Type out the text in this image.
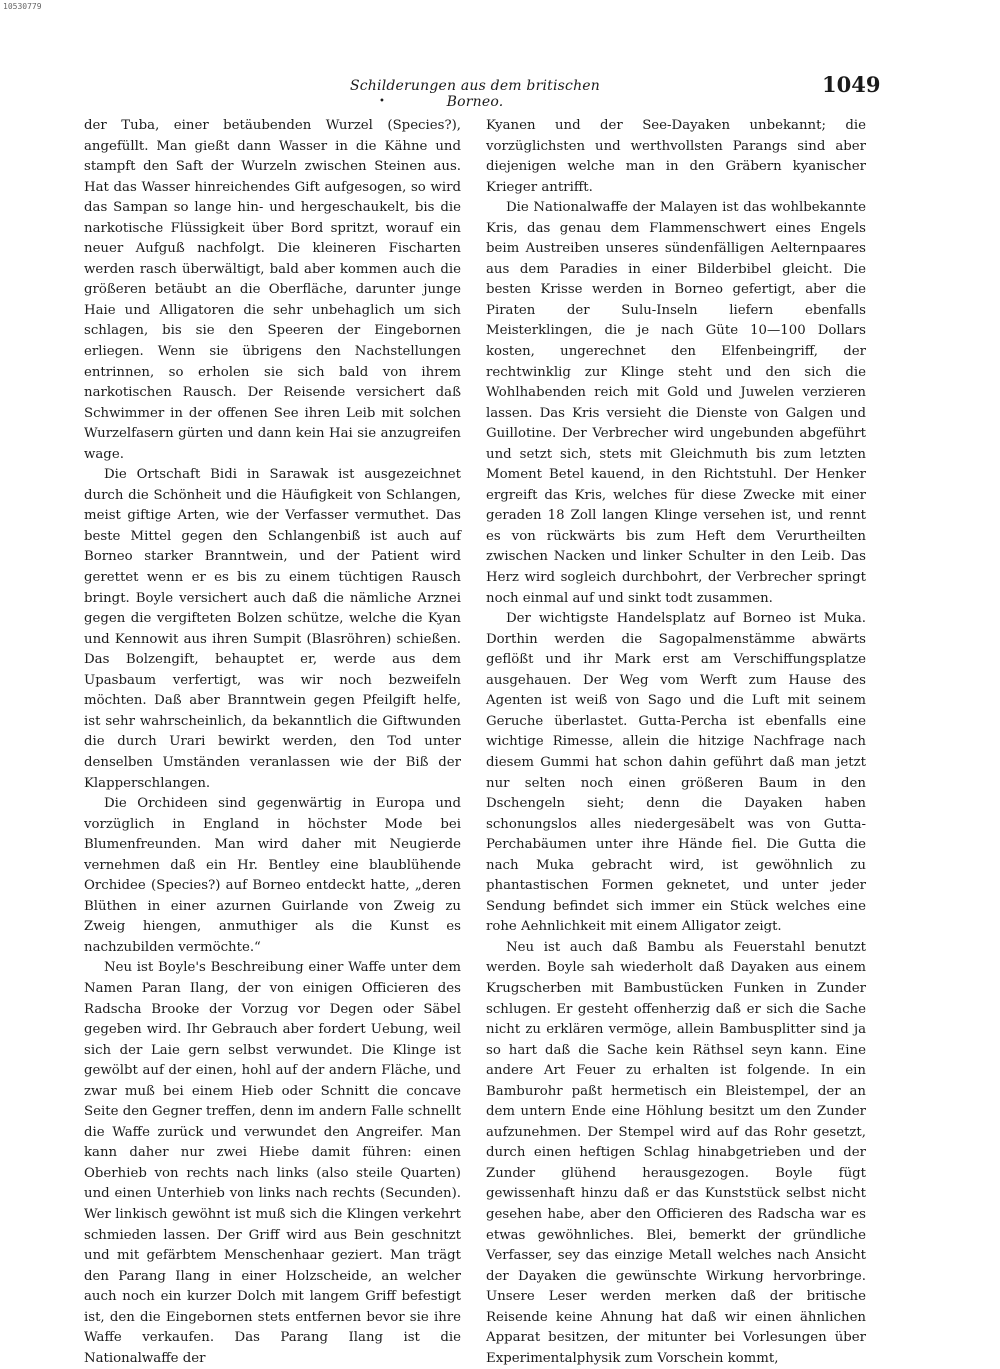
10530779
Schilderungen aus dem britischen Borneo.
1049
•

der Tuba, einer betäubenden Wurzel (Species?), angefüllt. Man gießt dann Wasser in die Kähne und stampft den Saft der Wurzeln zwischen Steinen aus. Hat das Wasser hinreichendes Gift aufgesogen, so wird das Sampan so lange hin- und hergeschaukelt, bis die narkotische Flüssigkeit über Bord spritzt, worauf ein neuer Aufguß nachfolgt. Die kleineren Fischarten werden rasch überwältigt, bald aber kommen auch die größeren betäubt an die Oberfläche, darunter junge Haie und Alligatoren die sehr unbehaglich um sich schlagen, bis sie den Speeren der Eingebornen erliegen. Wenn sie übrigens den Nachstellungen entrinnen, so erholen sie sich bald von ihrem narkotischen Rausch. Der Reisende versichert daß Schwimmer in der offenen See ihren Leib mit solchen Wurzelfasern gürten und dann kein Hai sie anzugreifen wage.

Die Ortschaft Bidi in Sarawak ist ausgezeichnet durch die Schönheit und die Häufigkeit von Schlangen, meist giftige Arten, wie der Verfasser vermuthet. Das beste Mittel gegen den Schlangenbiß ist auch auf Borneo starker Branntwein, und der Patient wird gerettet wenn er es bis zu einem tüchtigen Rausch bringt. Boyle versichert auch daß die nämliche Arznei gegen die vergifteten Bolzen schütze, welche die Kyan und Kennowit aus ihren Sumpit (Blasröhren) schießen. Das Bolzengift, behauptet er, werde aus dem Upasbaum verfertigt, was wir noch bezweifeln möchten. Daß aber Branntwein gegen Pfeilgift helfe, ist sehr wahrscheinlich, da bekanntlich die Giftwunden die durch Urari bewirkt werden, den Tod unter denselben Umständen veranlassen wie der Biß der Klapperschlangen.

Die Orchideen sind gegenwärtig in Europa und vorzüglich in England in höchster Mode bei Blumenfreunden. Man wird daher mit Neugierde vernehmen daß ein Hr. Bentley eine blaublühende Orchidee (Species?) auf Borneo entdeckt hatte, „deren Blüthen in einer azurnen Guirlande von Zweig zu Zweig hiengen, anmuthiger als die Kunst es nachzubilden vermöchte.“

Neu ist Boyle's Beschreibung einer Waffe unter dem Namen Paran Ilang, der von einigen Officieren des Radscha Brooke der Vorzug vor Degen oder Säbel gegeben wird. Ihr Gebrauch aber fordert Uebung, weil sich der Laie gern selbst verwundet. Die Klinge ist gewölbt auf der einen, hohl auf der andern Fläche, und zwar muß bei einem Hieb oder Schnitt die concave Seite den Gegner treffen, denn im andern Falle schnellt die Waffe zurück und verwundet den Angreifer. Man kann daher nur zwei Hiebe damit führen: einen Oberhieb von rechts nach links (also steile Quarten) und einen Unterhieb von links nach rechts (Secunden). Wer linkisch gewöhnt ist muß sich die Klingen verkehrt schmieden lassen. Der Griff wird aus Bein geschnitzt und mit gefärbtem Menschenhaar geziert. Man trägt den Parang Ilang in einer Holzscheide, an welcher auch noch ein kurzer Dolch mit langem Griff befestigt ist, den die Eingebornen stets entfernen bevor sie ihre Waffe verkaufen. Das Parang Ilang ist die Nationalwaffe der

Kyanen und der See-Dayaken unbekannt; die vorzüglichsten und werthvollsten Parangs sind aber diejenigen welche man in den Gräbern kyanischer Krieger antrifft.

Die Nationalwaffe der Malayen ist das wohlbekannte Kris, das genau dem Flammenschwert eines Engels beim Austreiben unseres sündenfälligen Aelternpaares aus dem Paradies in einer Bilderbibel gleicht. Die besten Krisse werden in Borneo gefertigt, aber die Piraten der Sulu-Inseln liefern ebenfalls Meisterklingen, die je nach Güte 10—100 Dollars kosten, ungerechnet den Elfenbeingriff, der rechtwinklig zur Klinge steht und den sich die Wohlhabenden reich mit Gold und Juwelen verzieren lassen. Das Kris versieht die Dienste von Galgen und Guillotine. Der Verbrecher wird ungebunden abgeführt und setzt sich, stets mit Gleichmuth bis zum letzten Moment Betel kauend, in den Richtstuhl. Der Henker ergreift das Kris, welches für diese Zwecke mit einer geraden 18 Zoll langen Klinge versehen ist, und rennt es von rückwärts bis zum Heft dem Verurtheilten zwischen Nacken und linker Schulter in den Leib. Das Herz wird sogleich durchbohrt, der Verbrecher springt noch einmal auf und sinkt todt zusammen.

Der wichtigste Handelsplatz auf Borneo ist Muka. Dorthin werden die Sagopalmenstämme abwärts geflößt und ihr Mark erst am Verschiffungsplatze ausgehauen. Der Weg vom Werft zum Hause des Agenten ist weiß von Sago und die Luft mit seinem Geruche überlastet. Gutta-Percha ist ebenfalls eine wichtige Rimesse, allein die hitzige Nachfrage nach diesem Gummi hat schon dahin geführt daß man jetzt nur selten noch einen größeren Baum in den Dschengeln sieht; denn die Dayaken haben schonungslos alles niedergesäbelt was von Gutta-Perchabäumen unter ihre Hände fiel. Die Gutta die nach Muka gebracht wird, ist gewöhnlich zu phantastischen Formen geknetet, und unter jeder Sendung befindet sich immer ein Stück welches eine rohe Aehnlichkeit mit einem Alligator zeigt.

Neu ist auch daß Bambu als Feuerstahl benutzt werden. Boyle sah wiederholt daß Dayaken aus einem Krugscherben mit Bambustücken Funken in Zunder schlugen. Er gesteht offenherzig daß er sich die Sache nicht zu erklären vermöge, allein Bambusplitter sind ja so hart daß die Sache kein Räthsel seyn kann. Eine andere Art Feuer zu erhalten ist folgende. In ein Bamburohr paßt hermetisch ein Bleistempel, der an dem untern Ende eine Höhlung besitzt um den Zunder aufzunehmen. Der Stempel wird auf das Rohr gesetzt, durch einen heftigen Schlag hinabgetrieben und der Zunder glühend herausgezogen. Boyle fügt gewissenhaft hinzu daß er das Kunststück selbst nicht gesehen habe, aber den Officieren des Radscha war es etwas gewöhnliches. Blei, bemerkt der gründliche Verfasser, sey das einzige Metall welches nach Ansicht der Dayaken die gewünschte Wirkung hervorbringe. Unsere Leser werden merken daß der britische Reisende keine Ahnung hat daß wir einen ähnlichen Apparat besitzen, der mitunter bei Vorlesungen über Experimentalphysik zum Vorschein kommt,
